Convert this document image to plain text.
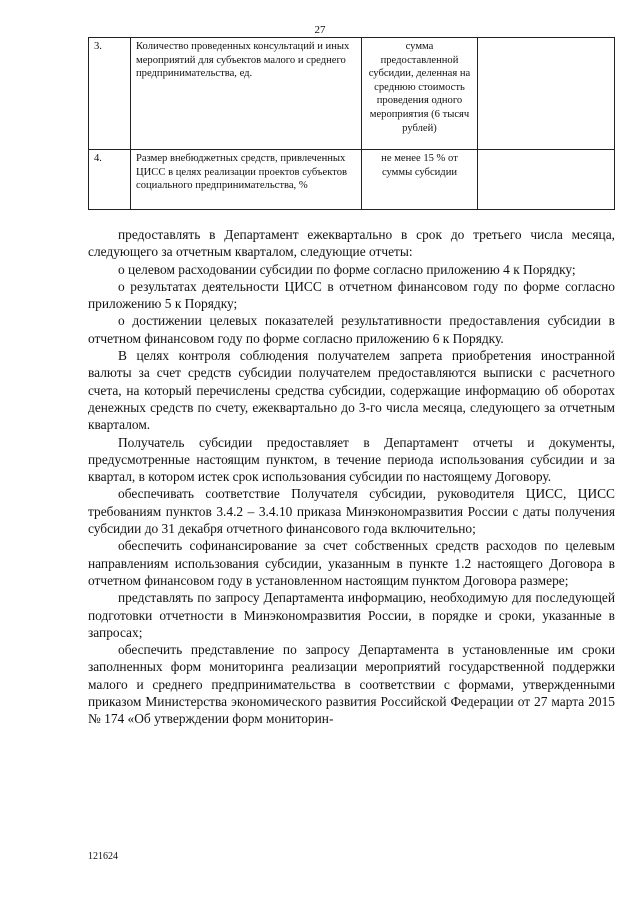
27
3.	Количество проведенных консультаций и иных мероприятий для субъектов малого и среднего предпринимательства, ед.	сумма предоставленной субсидии, деленная на среднюю стоимость проведения одного мероприятия (6 тысяч рублей)	
4.	Размер внебюджетных средств, привлеченных ЦИСС в целях реализации проектов субъектов социального предпринимательства, %	не менее 15 % от суммы субсидии	

предоставлять в Департамент ежеквартально в срок до третьего числа месяца, следующего за отчетным кварталом, следующие отчеты:

о целевом расходовании субсидии по форме согласно приложению 4 к Порядку;

о результатах деятельности ЦИСС в отчетном финансовом году по форме согласно приложению 5 к Порядку;

о достижении целевых показателей результативности предоставления субсидии в отчетном финансовом году по форме согласно приложению 6 к Порядку.

В целях контроля соблюдения получателем запрета приобретения иностранной валюты за счет средств субсидии получателем предоставляются выписки с расчетного счета, на который перечислены средства субсидии, содержащие информацию об оборотах денежных средств по счету, ежеквартально до 3-го числа месяца, следующего за отчетным кварталом.

Получатель субсидии предоставляет в Департамент отчеты и документы, предусмотренные настоящим пунктом, в течение периода использования субсидии и за квартал, в котором истек срок использования субсидии по настоящему Договору.

обеспечивать соответствие Получателя субсидии, руководителя ЦИСС, ЦИСС требованиям пунктов 3.4.2 – 3.4.10 приказа Минэкономразвития России с даты получения субсидии до 31 декабря отчетного финансового года включительно;

обеспечить софинансирование за счет собственных средств расходов по целевым направлениям использования субсидии, указанным в пункте 1.2 настоящего Договора в отчетном финансовом году в установленном настоящим пунктом Договора размере;

представлять по запросу Департамента информацию, необходимую для последующей подготовки отчетности в Минэкономразвития России, в порядке и сроки, указанные в запросах;

обеспечить представление по запросу Департамента в установленные им сроки заполненных форм мониторинга реализации мероприятий государственной поддержки малого и среднего предпринимательства в соответствии с формами, утвержденными приказом Министерства экономического развития Российской Федерации от 27 марта 2015 № 174 «Об утверждении форм мониторин-

121624
